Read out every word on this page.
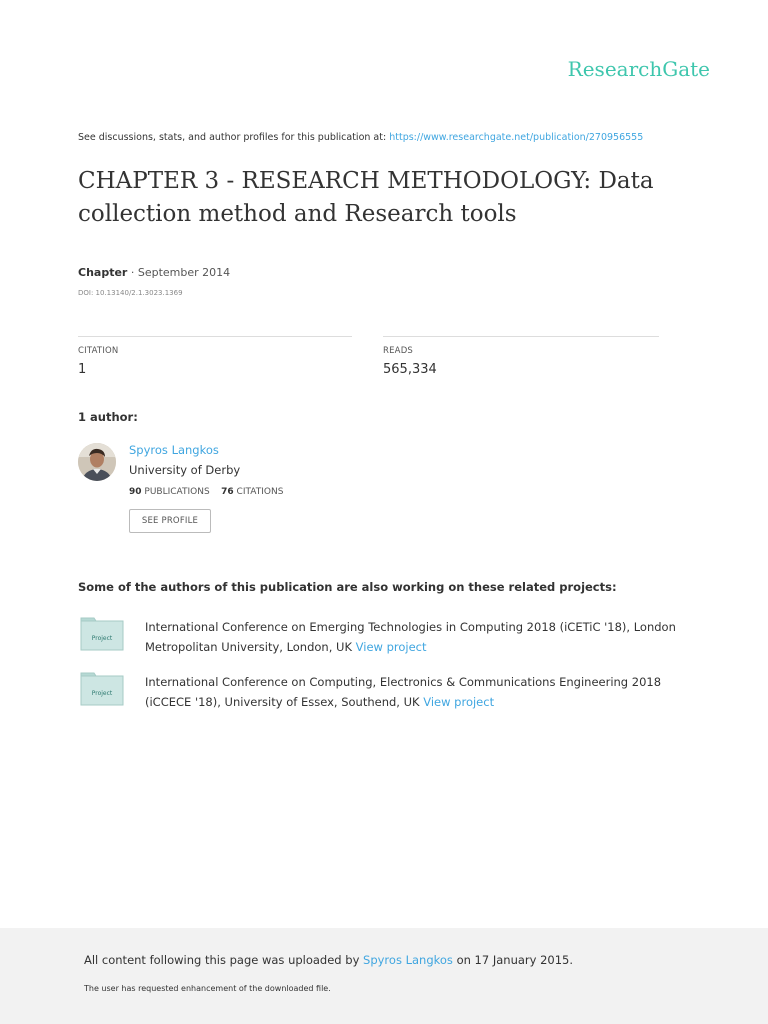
ResearchGate
See discussions, stats, and author profiles for this publication at: https://www.researchgate.net/publication/270956555
CHAPTER 3 - RESEARCH METHODOLOGY: Data collection method and Research tools
Chapter · September 2014
DOI: 10.13140/2.1.3023.1369
CITATION
1
READS
565,334
1 author:
Spyros Langkos
University of Derby
90 PUBLICATIONS 76 CITATIONS
SEE PROFILE
Some of the authors of this publication are also working on these related projects:
Project
International Conference on Emerging Technologies in Computing 2018 (iCETiC '18), London Metropolitan University, London, UK View project
Project
International Conference on Computing, Electronics & Communications Engineering 2018 (iCCECE '18), University of Essex, Southend, UK View project
All content following this page was uploaded by Spyros Langkos on 17 January 2015.
The user has requested enhancement of the downloaded file.
